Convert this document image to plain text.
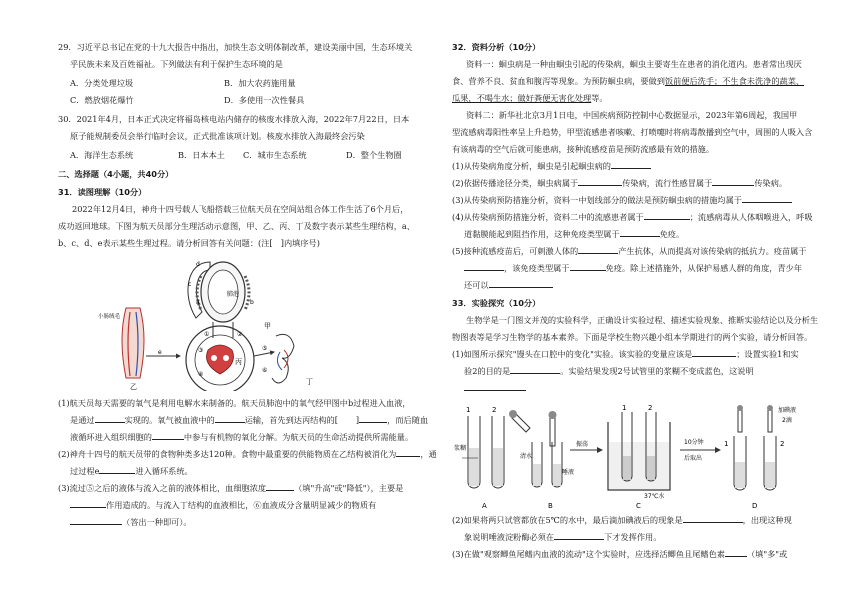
29．习近平总书记在党的十九大报告中指出，加快生态文明体制改革，建设美丽中国，生态环境关
乎民族未来及百姓福祉。下列做法有利于保护生态环境的是
A．分类处理垃圾	B．加大农药施用量
C．燃放烟花爆竹	D．多使用一次性餐具
30．2021年4月，日本正式决定将福岛核电站内储存的核废水排放入海，2022年7月22日，日本
原子能规制委员会举行临时会议，正式批准该项计划。核废水排放入海最终会污染
A．海洋生态系统	B．日本本土 C．城市生态系统	D．整个生物圈
二、选择题（4小题，共40分）
31．读图理解（10分）
2022年12月4日，神舟十四号载人飞船搭载三位航天员在空间站组合体工作生活了6个月后，
成功返回地球。下图为航天员部分生理活动示意图，甲、乙、丙、丁及数字表示某些生理结构，a、
b、c、d、e表示某些生理过程。请分析回答有关问题：(注[　]内填序号)
肺泡
甲
d
c
a	b
①	②
小肠绒毛
乙
e
丙
③
④
⑤
⑥
丁
(1)航天员每天需要的氧气是利用电解水来制备的。航天员肺泡中的氧气经甲图中b过程进入血液，
是通过	实现的。氧气被血液中的	运输，首先到达丙结构的[ ]	，而后随血
液循环进入组织细胞的	中参与有机物的氧化分解。为航天员的生命活动提供所需能量。
(2)神舟十四号的航天员带的食物种类多达120种。食物中最重要的供能物质在乙结构被消化为	，通
过过程e	进入循环系统。
(3)流过⑤之后的液体与流入之前的液体相比，血细胞浓度	（填"升高"或"降低"），主要是
作用造成的。与流入丁结构的血液相比，⑥血液成分含量明显减少的物质有
（答出一种即可）。
32．资料分析（10分）
资料一：蛔虫病是一种由蛔虫引起的传染病，蛔虫主要寄生在患者的消化道内。患者常出现厌
食、营养不良、贫血和腹泻等现象。为预防蛔虫病，要做到饭前便后洗手；不生食未洗净的蔬菜、
瓜果，不喝生水；做好粪便无害化处理等。
资料二：新华社北京3月1日电，中国疾病预防控制中心数据显示，2023年第6周起，我国甲
型流感病毒阳性率呈上升趋势，甲型流感患者咳嗽、打喷嚏时将病毒散播到空气中，周围的人吸入含
有该病毒的空气后就可能患病，接种流感疫苗是预防流感最有效的措施。
(1)从传染病角度分析，蛔虫是引起蛔虫病的
(2)依据传播途径分类，蛔虫病属于	传染病，流行性感冒属于	传染病。
(3)从传染病预防措施分析，资料一中划线部分的做法是预防蛔虫病的措施均属于
(4)从传染病预防措施分析，资料二中的流感患者属于	；流感病毒从人体咽喉进入，呼吸
道黏膜能起到阻挡作用，这种免疫类型属于	免疫。
(5)接种流感疫苗后，可刺激人体的	产生抗体，从而提高对该传染病的抵抗力。疫苗属于
，该免疫类型属于	免疫。除上述措施外，从保护易感人群的角度，青少年
还可以
33．实验探究（10分）
生物学是一门图文并茂的实验科学，正确设计实验过程、描述实验现象、推断实验结论以及分析生
物图表等是学习生物学的基本素养。下面是学校生物兴趣小组本学期进行的两个实验，请分析回答。
(1)如图所示探究"馒头在口腔中的变化"实验。该实验的变量应该是	；设置实验1和实
验2的目的是	。实验结果发现2号试管里的浆糊不变成蓝色，这说明
1	2
浆糊
A
清水
唾液
振荡
B
1	2
37℃水
C
10分钟
后取出
加碘液
2滴
1	2
D
(2)如果将两只试管都放在5℃的水中，最后滴加碘液后的现象是	，出现这种现
象说明唾液淀粉酶必须在	下才发挥作用。
(3)在做"观察鲫鱼尾鳍内血液的流动"这个实验时，应选择活鲫鱼且尾鳍色素	（填"多"或
